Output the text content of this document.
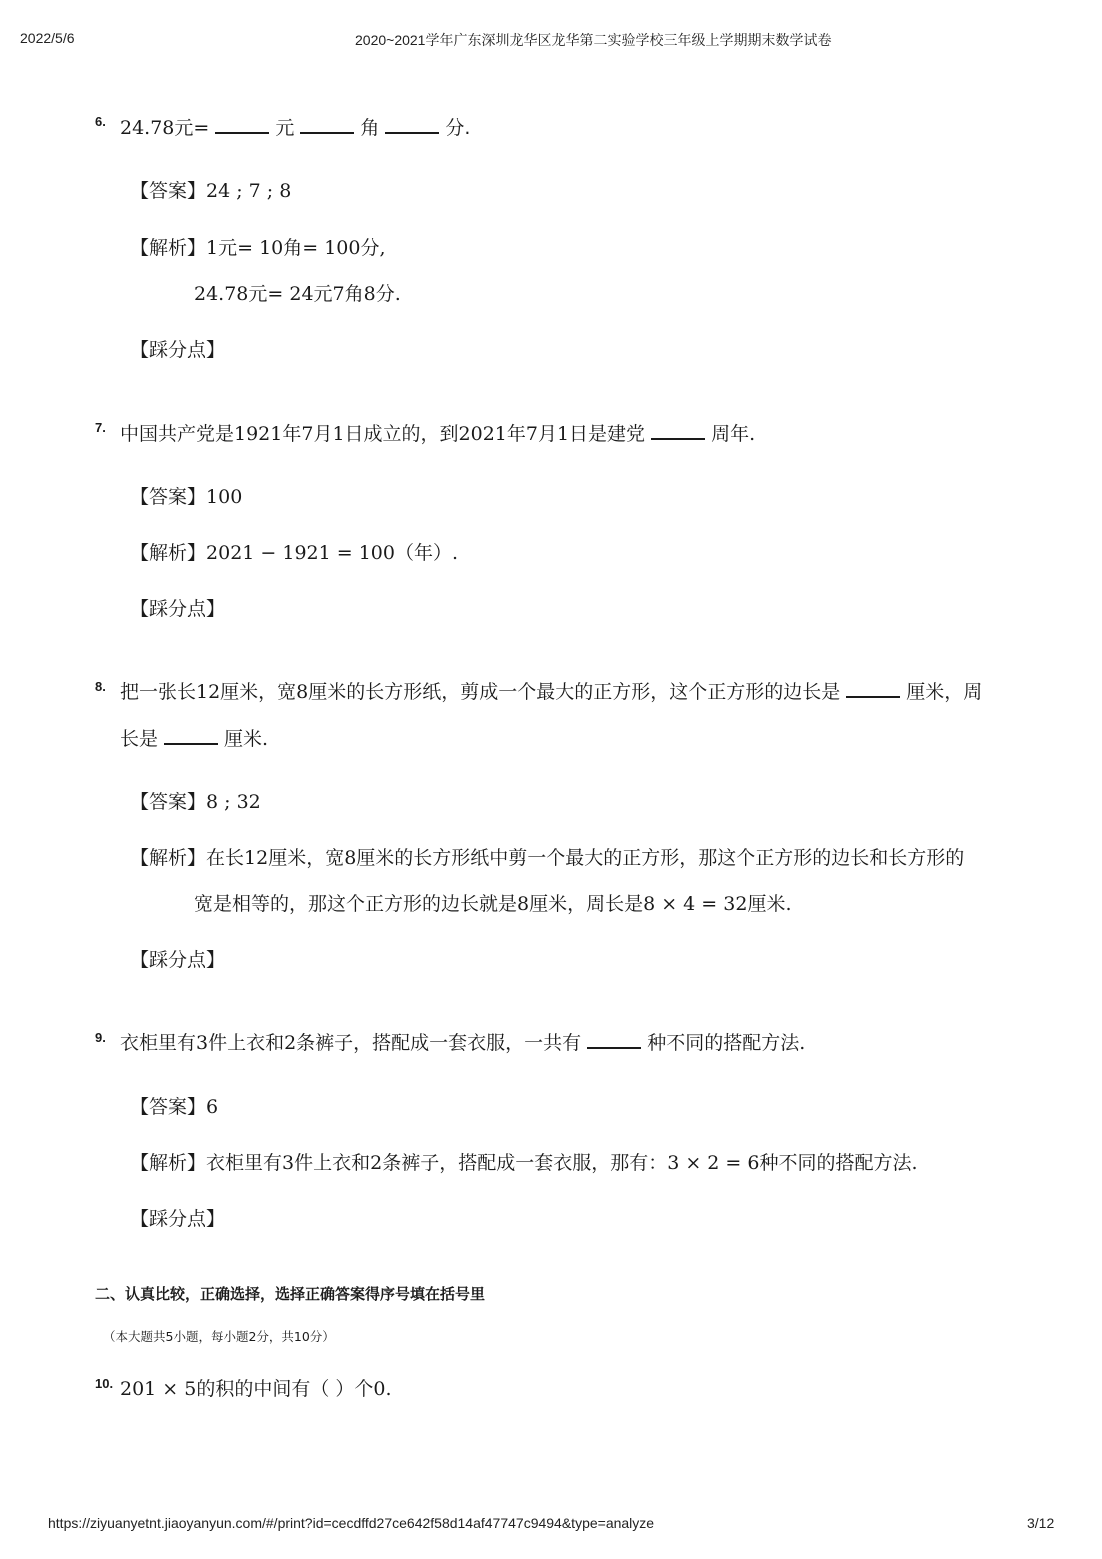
2022/5/6	2020~2021学年广东深圳龙华区龙华第二实验学校三年级上学期期末数学试卷
6. 24.78元=	元	角	分.
【答案】24 ; 7 ; 8
【解析】1元= 10角= 100分,
24.78元= 24元7角8分.
【踩分点】
7. 中国共产党是1921年7月1日成立的，到2021年7月1日是建党	周年.
【答案】100
【解析】2021 − 1921 = 100（年）.
【踩分点】
8. 把一张长12厘米，宽8厘米的长方形纸，剪成一个最大的正方形，这个正方形的边长是	厘米，周
长是	厘米.
【答案】8 ; 32
【解析】在长12厘米，宽8厘米的长方形纸中剪一个最大的正方形，那这个正方形的边长和长方形的
宽是相等的，那这个正方形的边长就是8厘米，周长是8 × 4 = 32厘米.
【踩分点】
9. 衣柜里有3件上衣和2条裤子，搭配成一套衣服，一共有	种不同的搭配方法.
【答案】6
【解析】衣柜里有3件上衣和2条裤子，搭配成一套衣服，那有：3 × 2 = 6种不同的搭配方法.
【踩分点】
二、认真比较，正确选择，选择正确答案得序号填在括号里
（本大题共5小题，每小题2分，共10分）
10. 201 × 5的积的中间有（ ）个0.
https://ziyuanyetnt.jiaoyanyun.com/#/print?id=cecdffd27ce642f58d14af47747c9494&type=analyze	3/12
